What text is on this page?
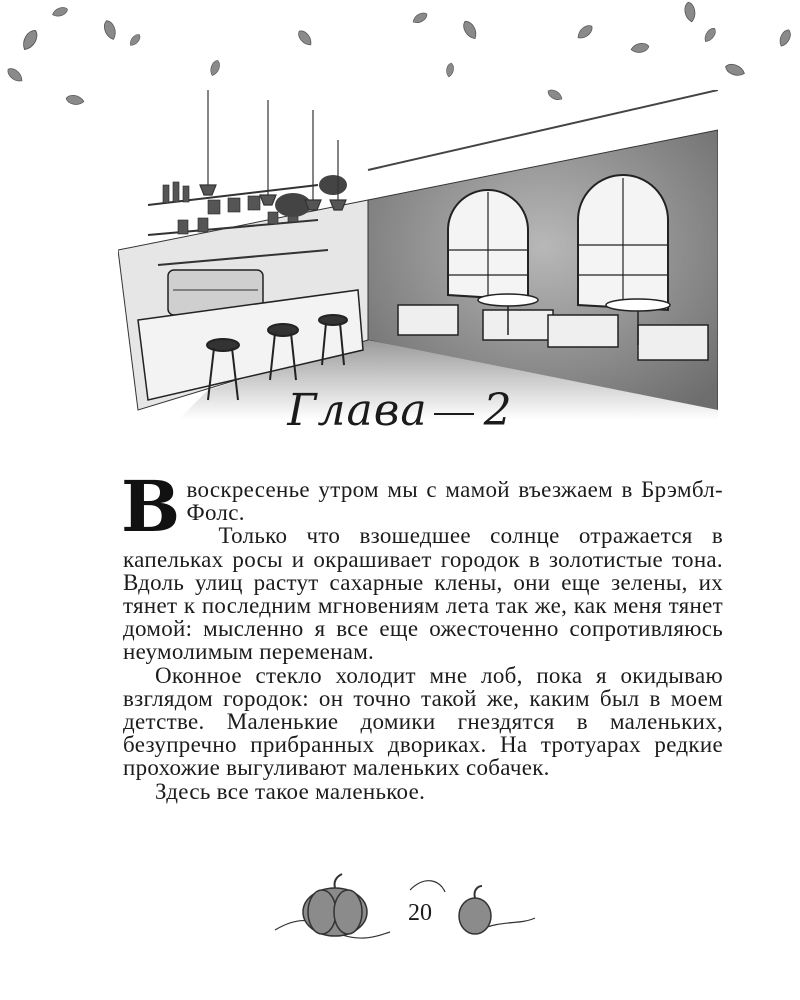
Глава 2

Ввоскресенье утром мы с мамой въезжаем в Брэмбл-Фолс.

Только что взошедшее солнце отражается в капельках росы и окрашивает городок в золотистые тона. Вдоль улиц растут сахарные клены, они еще зелены, их тянет к последним мгновениям лета так же, как меня тянет домой: мысленно я все еще ожесточенно сопротивляюсь неумолимым переменам.

Оконное стекло холодит мне лоб, пока я окидываю взглядом городок: он точно такой же, каким был в моем детстве. Маленькие домики гнездятся в маленьких, безупречно прибранных двориках. На тротуарах редкие прохожие выгуливают маленьких собачек.

Здесь все такое маленькое.

20
